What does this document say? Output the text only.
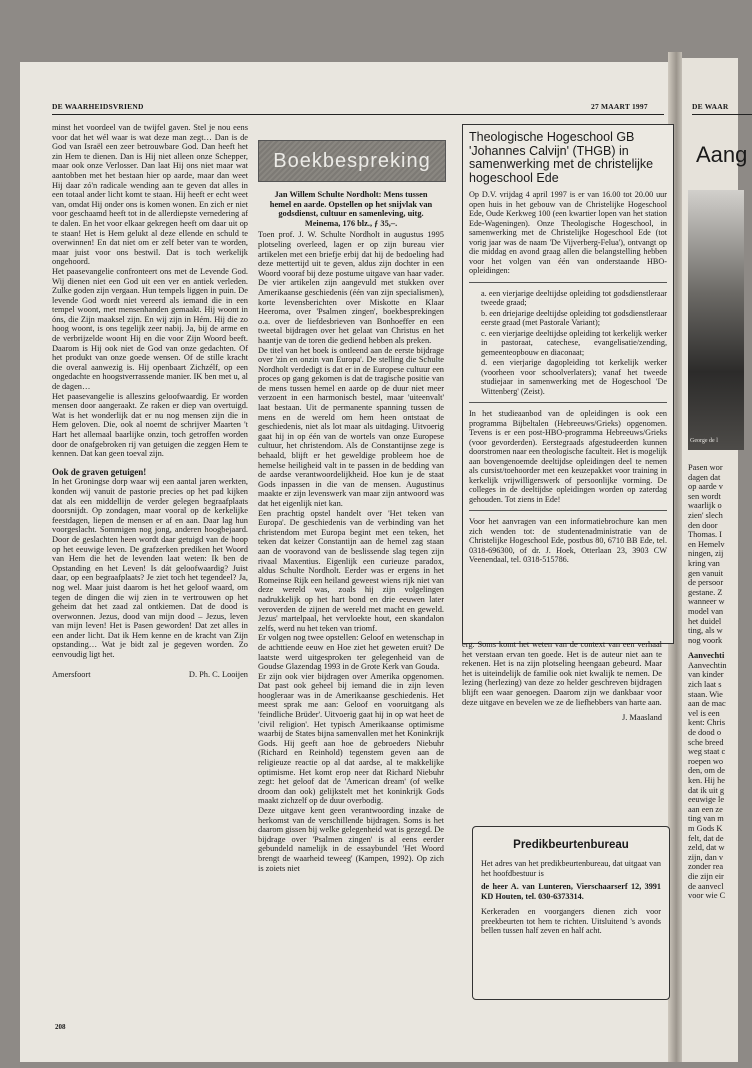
DE WAARHEIDSVRIEND	27 MAART 1997

minst het voordeel van de twijfel gaven. Stel je nou eens voor dat het wél waar is wat deze man zegt… Dan is de God van Israël een zeer betrouwbare God. Dan heeft het zin Hem te dienen. Dan is Hij niet alleen onze Schepper, maar ook onze Verlosser. Dan laat Hij ons niet maar wat aantobben met het bestaan hier op aarde, maar dan weet Hij daar zó'n radicale wending aan te geven dat alles in een totaal ander licht komt te staan. Hij heeft er echt weet van, omdat Hij onder ons is komen wonen. En zich er niet voor geschaamd heeft tot in de allerdiepste vernedering af te dalen. En het voor elkaar gekregen heeft om daar uit op te staan! Het is Hem gelukt al deze ellende en schuld te overwinnen! En dat niet om er zelf beter van te worden, maar juist voor ons bestwil. Dat is toch werkelijk ongehoord.

Het paasevangelie confronteert ons met de Levende God. Wij dienen niet een God uit een ver en antiek verleden. Zulke goden zijn vergaan. Hun tempels liggen in puin. De levende God wordt niet vereerd als iemand die in een tempel woont, met mensenhanden gemaakt. Hij woont in óns, die Zijn maaksel zijn. En wij zijn in Hém. Hij die zo hoog woont, is ons tegelijk zeer nabij. Ja, bij de arme en de verbrijzelde woont Hij en die voor Zijn Woord beeft. Daarom is Hij ook niet de God van onze gedachten. Of het produkt van onze goede wensen. Of de stille kracht die overal aanwezig is. Hij openbaart Zichzélf, op een ongedachte en hoogstverrassende manier. IK ben met u, al de dagen…

Het paasevangelie is alleszins geloofwaardig. Er worden mensen door aangeraakt. Ze raken er diep van overtuigd. Wat is het wonderlijk dat er nu nog mensen zijn die in Hem geloven. Die, ook al noemt de schrijver Maarten 't Hart het allemaal baarlijke onzin, toch getroffen worden door de onafgebroken rij van getuigen die zeggen Hem te kennen. Dat kan geen toeval zijn.

Ook de graven getuigen!

In het Groningse dorp waar wij een aantal jaren werkten, konden wij vanuit de pastorie precies op het pad kijken dat als een middellijn de verder gelegen begraafplaats doorsnijdt. Op zondagen, maar vooral op de kerkelijke feestdagen, liepen de mensen er af en aan. Daar lag hun voorgeslacht. Sommigen nog jong, anderen hoogbejaard. Door de geslachten heen wordt daar getuigd van de hoop op het eeuwige leven. De grafzerken prediken het Woord van Hem die het de levenden laat weten: Ik ben de Opstanding en het Leven! Is dát geloofwaardig? Juist daar, op een begraafplaats? Je ziet toch het tegendeel? Ja, nog wel. Maar juist daarom is het het geloof waard, om tegen de dingen die wij zien in te vertrouwen op het geheim dat het zaad zal ontkiemen. Dat de dood is overwonnen. Jezus, dood van mijn dood – Jezus, leven van mijn leven! Het is Pasen geworden! Dat zet alles in een ander licht. Dat ik Hem kenne en de kracht van Zijn opstanding… Wat je bidt zal je gegeven worden. Zo eenvoudig ligt het.

Amersfoort	D. Ph. C. Looijen

208
Boekbespreking

Jan Willem Schulte Nordholt: Mens tussen hemel en aarde. Opstellen op het snijvlak van godsdienst, cultuur en samenleving, uitg. Meinema, 176 blz., ƒ 35,–.

Toen prof. J. W. Schulte Nordholt in augustus 1995 plotseling overleed, lagen er op zijn bureau vier artikelen met een briefje erbij dat hij de bedoeling had deze mettertijd uit te geven, aldus zijn dochter in een Woord vooraf bij deze postume uitgave van haar vader. De vier artikelen zijn aangevuld met stukken over Amerikaanse geschiedenis (één van zijn specialismen), korte levensberichten over Miskotte en Klaar Heeroma, over 'Psalmen zingen', boekbesprekingen o.a. over de liefdesbrieven van Bonhoeffer en een tweetal bijdragen over het gelaat van Christus en het haantje van de toren die gediend hebben als preken.

De titel van het boek is ontleend aan de eerste bijdrage over 'zin en onzin van Europa'. De stelling die Schulte Nordholt verdedigt is dat er in de Europese cultuur een proces op gang gekomen is dat de tragische positie van de mens tussen hemel en aarde op de duur niet meer verzoent in een harmonisch bestel, maar 'uiteenvalt' laat bestaan. Uit de permanente spanning tussen de mens en de wereld om hem heen ontstaat de geschiedenis, niet als lot maar als uitdaging. Uitvoerig gaat hij in op één van de wortels van onze Europese cultuur, het christendom. Als de Constantijnse zege is behaald, blijft er het geweldige probleem hoe de hemelse heiligheid valt in te passen in de bedding van de aardse verantwoordelijkheid. Hoe kun je de staat Gods inpassen in die van de mensen. Augustinus maakte er zijn levenswerk van maar zijn antwoord was dat het eigenlijk niet kan.

Een prachtig opstel handelt over 'Het teken van Europa'. De geschiedenis van de verbinding van het christendom met Europa begint met een teken, het teken dat keizer Constantijn aan de hemel zag staan aan de vooravond van de beslissende slag tegen zijn rivaal Maxentius. Eigenlijk een curieuze paradox, aldus Schulte Nordholt. Eerder was er ergens in het Romeinse Rijk een heiland geweest wiens rijk niet van deze wereld was, zoals hij zijn volgelingen nadrukkelijk op het hart bond en drie eeuwen later veroverden de zijnen de wereld met macht en geweld. Jezus' martelpaal, het vervloekte hout, een skandalon zelfs, werd nu het teken van triomf.

Er volgen nog twee opstellen: Geloof en wetenschap in de achttiende eeuw en Hoe ziet het geweten eruit? De laatste werd uitgesproken ter gelegenheid van de Goudse Glazendag 1993 in de Grote Kerk van Gouda.

Er zijn ook vier bijdragen over Amerika opgenomen. Dat past ook geheel bij iemand die in zijn leven hoogleraar was in de Amerikaanse geschiedenis. Het meest sprak me aan: Geloof en vooruitgang als 'feindliche Brüder'. Uitvoerig gaat hij in op wat heet de 'civil religion'. Het typisch Amerikaanse optimisme waarbij de States bijna samenvallen met het Koninkrijk Gods. Hij geeft aan hoe de gebroeders Niebuhr (Richard en Reinhold) tegenstem geven aan de religieuze reactie op al dat aardse, al te makkelijke optimisme. Het komt erop neer dat Richard Niebuhr zegt: het geloof dat de 'American dream' (of welke droom dan ook) gelijkstelt met het koninkrijk Gods maakt zichzelf op de duur overbodig.

Deze uitgave kent geen verantwoording inzake de herkomst van de verschillende bijdragen. Soms is het daarom gissen bij welke gelegenheid wat is gezegd. De bijdrage over 'Psalmen zingen' is al eens eerder gebundeld namelijk in de essaybundel 'Het Woord brengt de waarheid teweeg' (Kampen, 1992). Op zich is zoiets niet

Theologische Hogeschool GB 'Johannes Calvijn' (THGB) in samenwerking met de christelijke hogeschool Ede

Op D.V. vrijdag 4 april 1997 is er van 16.00 tot 20.00 uur open huis in het gebouw van de Christelijke Hogeschool Ede, Oude Kerkweg 100 (een kwartier lopen van het station Ede-Wageningen). Onze Theologische Hogeschool, in samenwerking met de Christelijke Hogeschool Ede (tot vorig jaar was de naam 'De Vijverberg-Felua'), ontvangt op die middag en avond graag allen die belangstelling hebben voor het volgen van één van onderstaande HBO-opleidingen:

a. een vierjarige deeltijdse opleiding tot godsdienstleraar tweede graad;
b. een driejarige deeltijdse opleiding tot godsdienstleraar eerste graad (met Pastorale Variant);
c. een vierjarige deeltijdse opleiding tot kerkelijk werker in pastoraat, catechese, evangelisatie/zending, gemeenteopbouw en diaconaat;
d. een vierjarige dagopleiding tot kerkelijk werker (voorheen voor schoolverlaters); vanaf het tweede studiejaar in samenwerking met de Hogeschool 'De Wittenberg' (Zeist).

In het studieaanbod van de opleidingen is ook een programma Bijbeltalen (Hebreeuws/Grieks) opgenomen. Tevens is er een post-HBO-programma Hebreeuws/Grieks (voor gevorderden). Eerstegraads afgestudeerden kunnen doorstromen naar een theologische faculteit. Het is mogelijk aan bovengenoemde deeltijdse opleidingen deel te nemen als cursist/toehoorder met een keuzepakket voor training in kerkelijk vrijwilligerswerk of persoonlijke vorming. De colleges in de deeltijdse opleidingen worden op zaterdag gehouden. Tot ziens in Ede!

Voor het aanvragen van een informatiebrochure kan men zich wenden tot: de studentenadministratie van de Christelijke Hogeschool Ede, postbus 80, 6710 BB Ede, tel. 0318-696300, of dr. J. Hoek, Otterlaan 23, 3903 CW Veenendaal, tel. 0318-515786.

erg. Soms komt het weten van de context van een verhaal het verstaan ervan ten goede. Het is de auteur niet aan te rekenen. Het is na zijn plotseling heengaan gebeurd. Maar het is uiteindelijk de familie ook niet kwalijk te nemen. De lezing (herlezing) van deze zo helder geschreven bijdragen blijft een waar genoegen. Daarom zijn we dankbaar voor deze uitgave en bevelen we ze de liefhebbers van harte aan.

J. Maasland

Predikbeurtenbureau

Het adres van het predikbeurtenbureau, dat uitgaat van het hoofdbestuur is

de heer A. van Lunteren, Vierschaarserf 12, 3991 KD Houten, tel. 030-6373314.

Kerkeraden en voorgangers dienen zich voor preekbeurten tot hem te richten. Uitsluitend 's avonds bellen tussen half zeven en half acht.

DE WAAR
Aang
George de l
Pasen wor
dagen dat
op aarde v
sen wordt
waarlijk o
zien' slech
den door
Thomas. I
en Hemelv
ningen, zij
kring van
gen vanuit
de persoor
gestane. Z
wanneer w
model van
het duidel
ting, als w
nog voork
Aanvechti
Aanvechtin
van kinder
zich laat s
staan. Wie
aan de mac
vel is een
kent: Chris
de dood o
sche breed
weg staat c
roepen wo
den, om de
ken. Hij he
dat ik uit g
eeuwige le
aan een ze
ting van m
m Gods K
felt, dat de
zeld, dat w
zijn, dan v
zonder rea
die zijn eir
de aanvecl
voor wie C
